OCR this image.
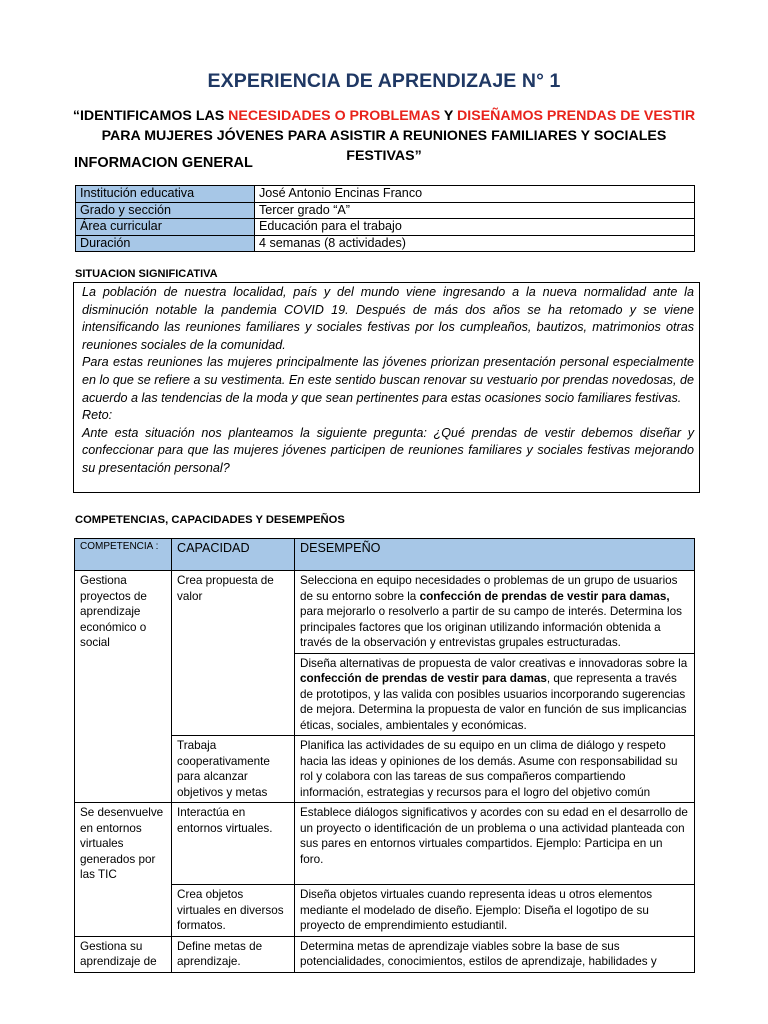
EXPERIENCIA DE APRENDIZAJE N° 1
“IDENTIFICAMOS LAS NECESIDADES O PROBLEMAS Y DISEÑAMOS PRENDAS DE VESTIR PARA MUJERES JÓVENES PARA ASISTIR A REUNIONES FAMILIARES Y SOCIALES FESTIVAS”
INFORMACION GENERAL
Institución educativa	José Antonio Encinas Franco
Grado y sección	Tercer grado “A”
Área curricular	Educación para el trabajo
Duración	4 semanas (8 actividades)
SITUACION SIGNIFICATIVA

La población de nuestra localidad, país y del mundo viene ingresando a la nueva normalidad ante la disminución notable la pandemia COVID 19. Después de más dos años se ha retomado y se viene intensificando las reuniones familiares y sociales festivas por los cumpleaños, bautizos, matrimonios otras reuniones sociales de la comunidad.

Para estas reuniones las mujeres principalmente las jóvenes priorizan presentación personal especialmente en lo que se refiere a su vestimenta. En este sentido buscan renovar su vestuario por prendas novedosas, de acuerdo a las tendencias de la moda y que sean pertinentes para estas ocasiones socio familiares festivas.

Reto:

Ante esta situación nos planteamos la siguiente pregunta: ¿Qué prendas de vestir debemos diseñar y confeccionar para que las mujeres jóvenes participen de reuniones familiares y sociales festivas mejorando su presentación personal?

COMPETENCIAS, CAPACIDADES Y DESEMPEÑOS
COMPETENCIA :	CAPACIDAD	DESEMPEÑO
Gestiona proyectos de aprendizaje económico o social	Crea propuesta de valor	Selecciona en equipo necesidades o problemas de un grupo de usuarios de su entorno sobre la confección de prendas de vestir para damas, para mejorarlo o resolverlo a partir de su campo de interés. Determina los principales factores que los originan utilizando información obtenida a través de la observación y entrevistas grupales estructuradas.
		Diseña alternativas de propuesta de valor creativas e innovadoras sobre la confección de prendas de vestir para damas, que representa a través de prototipos, y las valida con posibles usuarios incorporando sugerencias de mejora. Determina la propuesta de valor en función de sus implicancias éticas, sociales, ambientales y económicas.
	Trabaja cooperativamente para alcanzar objetivos y metas	Planifica las actividades de su equipo en un clima de diálogo y respeto hacia las ideas y opiniones de los demás. Asume con responsabilidad su rol y colabora con las tareas de sus compañeros compartiendo información, estrategias y recursos para el logro del objetivo común
Se desenvuelve en entornos virtuales generados por las TIC	Interactúa en entornos virtuales.	Establece diálogos significativos y acordes con su edad en el desarrollo de un proyecto o identificación de un problema o una actividad planteada con sus pares en entornos virtuales compartidos. Ejemplo: Participa en un foro.
	Crea objetos virtuales en diversos formatos.	Diseña objetos virtuales cuando representa ideas u otros elementos mediante el modelado de diseño. Ejemplo: Diseña el logotipo de su proyecto de emprendimiento estudiantil.
Gestiona su aprendizaje de	Define metas de aprendizaje.	Determina metas de aprendizaje viables sobre la base de sus potencialidades, conocimientos, estilos de aprendizaje, habilidades y
